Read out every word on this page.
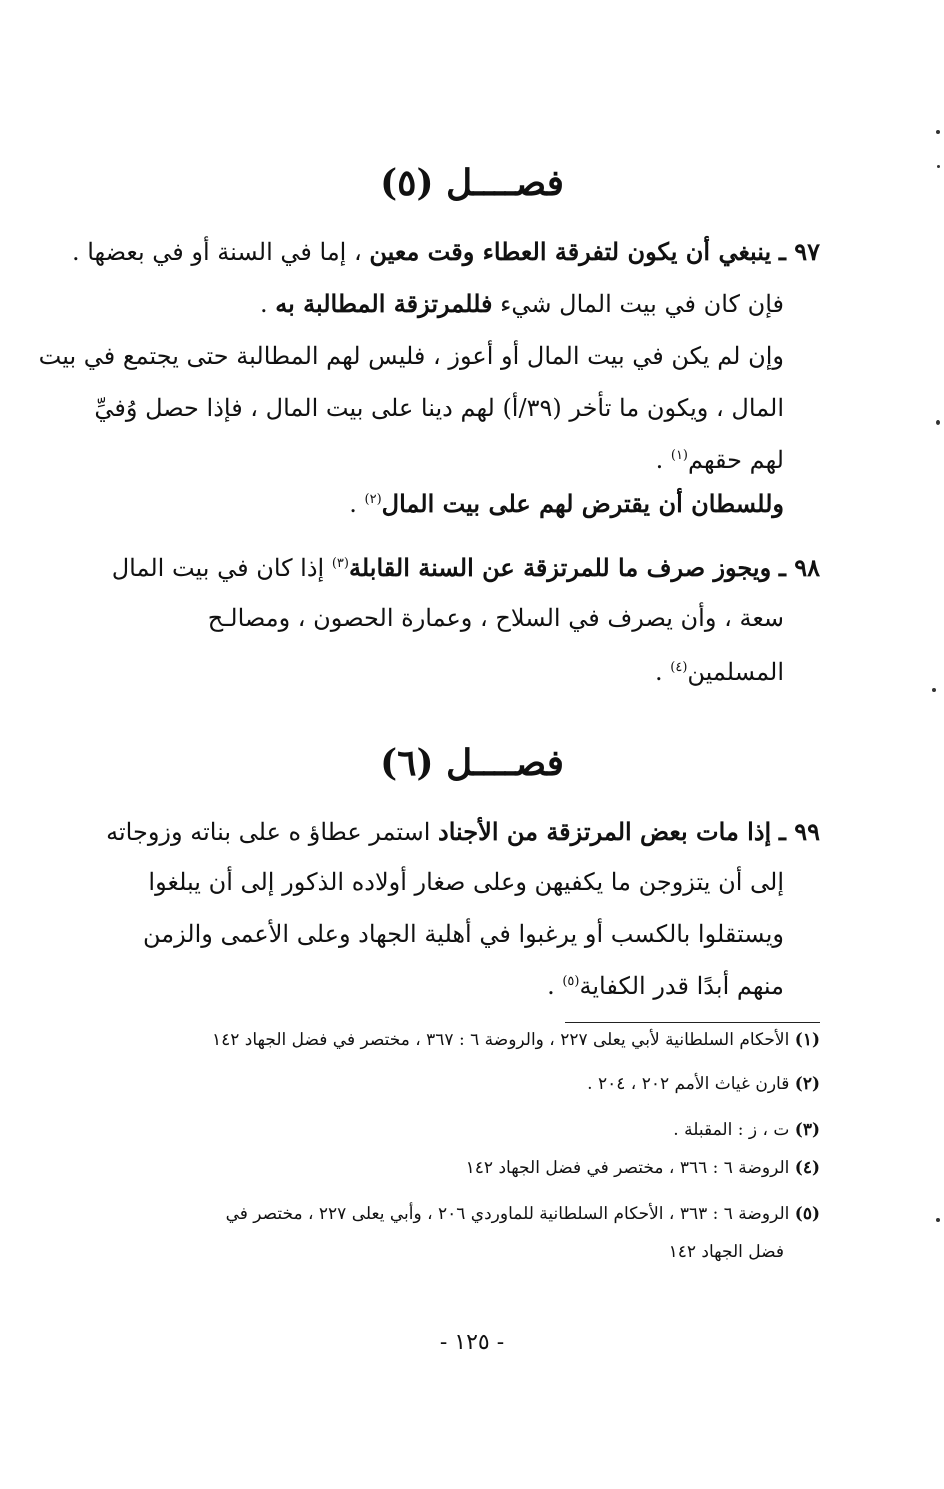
فصــــل (٥)
٩٧ ـ ينبغي أن يكون لتفرقة العطاء وقت معين ، إما في السنة أو في بعضها .
فإن كان في بيت المال شيء فللمرتزقة المطالبة به .
وإن لم يكن في بيت المال أو أعوز ، فليس لهم المطالبة حتى يجتمع في بيت
المال ، ويكون ما تأخر (٣٩/أ) لهم دينا على بيت المال ، فإذا حصل وُفيِّ
لهم حقهم$^{(١)}$ .
وللسطان أن يقترض لهم على بيت المال$^{(٢)}$ .
٩٨ ـ ويجوز صرف ما للمرتزقة عن السنة القابلة$^{(٣)}$ إذا كان في بيت المال
سعة ، وأن يصرف في السلاح ، وعمارة الحصون ، ومصالـح
المسلمين$^{(٤)}$ .
فصــــل (٦)
٩٩ ـ إذا مات بعض المرتزقة من الأجناد استمر عطاؤ ه على بناته وزوجاته
إلى أن يتزوجن ما يكفيهن وعلى صغار أولاده الذكور إلى أن يبلغوا
ويستقلوا بالكسب أو يرغبوا في أهلية الجهاد وعلى الأعمى والزمن
منهم أبدًا قدر الكفاية$^{(٥)}$ .
(١) الأحكام السلطانية لأبي يعلى ٢٢٧ ، والروضة ٦ : ٣٦٧ ، مختصر في فضل الجهاد ١٤٢
(٢) قارن غياث الأمم ٢٠٢ ، ٢٠٤ .
(٣) ت ، ز : المقبلة .
(٤) الروضة ٦ : ٣٦٦ ، مختصر في فضل الجهاد ١٤٢
(٥) الروضة ٦ : ٣٦٣ ، الأحكام السلطانية للماوردي ٢٠٦ ، وأبي يعلى ٢٢٧ ، مختصر في
فضل الجهاد ١٤٢
- ١٢٥ -
